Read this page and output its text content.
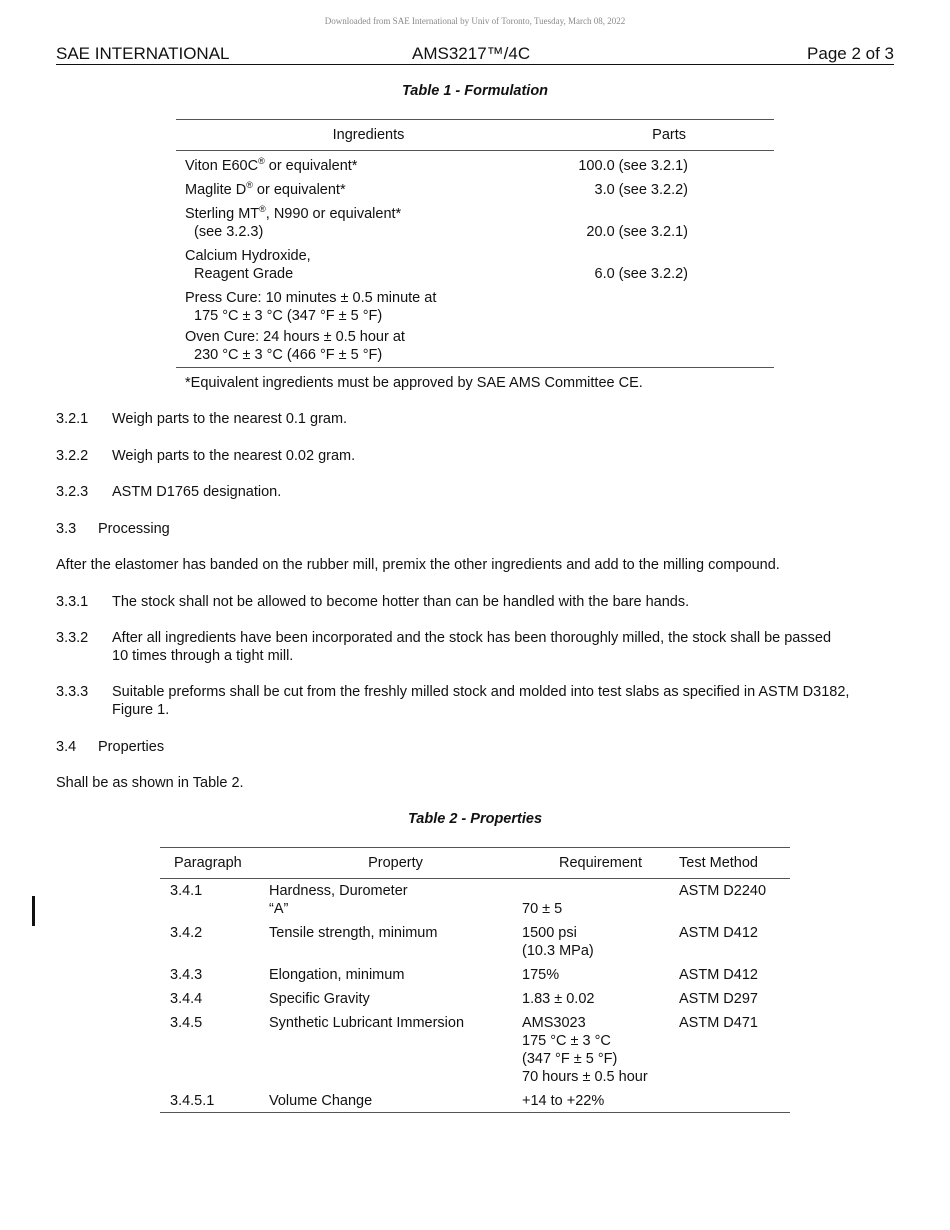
Downloaded from SAE International by Univ of Toronto, Tuesday, March 08, 2022
SAE INTERNATIONAL	AMS3217™/4C	Page 2 of 3
Table 1 - Formulation
Ingredients	Parts
Viton E60C® or equivalent*	100.0 (see 3.2.1)
Maglite D® or equivalent*	3.0 (see 3.2.2)
Sterling MT®, N990 or equivalent*
(see 3.2.3)	20.0 (see 3.2.1)
Calcium Hydroxide,
Reagent Grade	6.0 (see 3.2.2)
Press Cure: 10 minutes ± 0.5 minute at
175 °C ± 3 °C (347 °F ± 5 °F)	

Oven Cure: 24 hours ± 0.5 hour at
230 °C ± 3 °C (466 °F ± 5 °F)	

*Equivalent ingredients must be approved by SAE AMS Committee CE.	
3.2.1 Weigh parts to the nearest 0.1 gram.
3.2.2 Weigh parts to the nearest 0.02 gram.
3.2.3 ASTM D1765 designation.
3.3 Processing
After the elastomer has banded on the rubber mill, premix the other ingredients and add to the milling compound.
3.3.1 The stock shall not be allowed to become hotter than can be handled with the bare hands.
3.3.2 After all ingredients have been incorporated and the stock has been thoroughly milled, the stock shall be passed
10 times through a tight mill.
3.3.3 Suitable preforms shall be cut from the freshly milled stock and molded into test slabs as specified in ASTM D3182,
Figure 1.
3.4 Properties
Shall be as shown in Table 2.
Table 2 - Properties
Paragraph	Property	Requirement	Test Method
3.4.1	Hardness, Durometer
“A”	70 ± 5	ASTM D2240

3.4.2	Tensile strength, minimum	1500 psi
(10.3 MPa)	ASTM D412

3.4.3	Elongation, minimum	175%	ASTM D412
3.4.4	Specific Gravity	1.83 ± 0.02	ASTM D297
3.4.5	Synthetic Lubricant Immersion	AMS3023
175 °C ± 3 °C
(347 °F ± 5 °F)
70 hours ± 0.5 hour	ASTM D471

3.4.5.1	Volume Change	+14 to +22%	
